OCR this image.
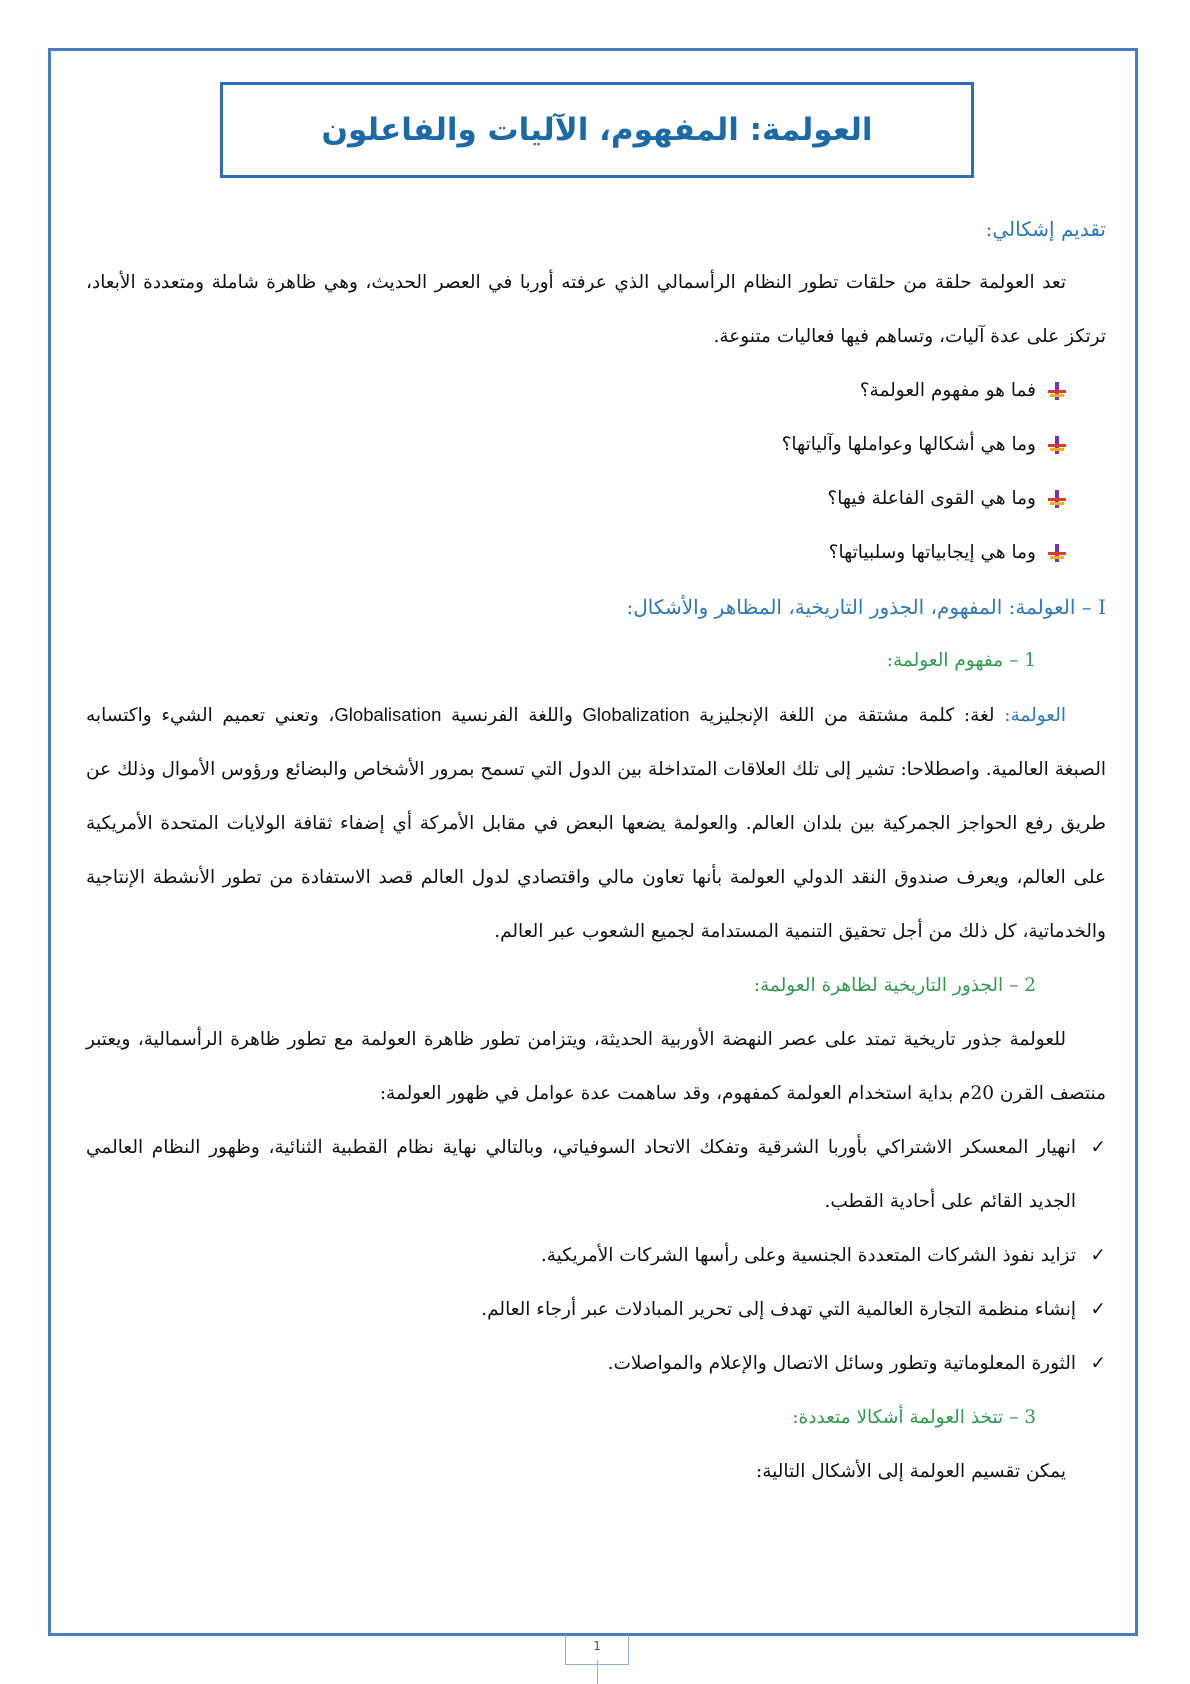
العولمة: المفهوم، الآليات والفاعلون

تقديم إشكالي:

تعد العولمة حلقة من حلقات تطور النظام الرأسمالي الذي عرفته أوربا في العصر الحديث، وهي ظاهرة شاملة ومتعددة الأبعاد، ترتكز على عدة آليات، وتساهم فيها فعاليات متنوعة.

فما هو مفهوم العولمة؟
وما هي أشكالها وعواملها وآلياتها؟
وما هي القوى الفاعلة فيها؟
وما هي إيجابياتها وسلبياتها؟

I – العولمة: المفهوم، الجذور التاريخية، المظاهر والأشكال:

1 – مفهوم العولمة:

العولمة: لغة: كلمة مشتقة من اللغة الإنجليزية Globalization واللغة الفرنسية Globalisation، وتعني تعميم الشيء واكتسابه الصبغة العالمية. واصطلاحا: تشير إلى تلك العلاقات المتداخلة بين الدول التي تسمح بمرور الأشخاص والبضائع ورؤوس الأموال وذلك عن طريق رفع الحواجز الجمركية بين بلدان العالم. والعولمة يضعها البعض في مقابل الأمركة أي إضفاء ثقافة الولايات المتحدة الأمريكية على العالم، ويعرف صندوق النقد الدولي العولمة بأنها تعاون مالي واقتصادي لدول العالم قصد الاستفادة من تطور الأنشطة الإنتاجية والخدماتية، كل ذلك من أجل تحقيق التنمية المستدامة لجميع الشعوب عبر العالم.

2 – الجذور التاريخية لظاهرة العولمة:

للعولمة جذور تاريخية تمتد على عصر النهضة الأوربية الحديثة، ويتزامن تطور ظاهرة العولمة مع تطور ظاهرة الرأسمالية، ويعتبر منتصف القرن 20م بداية استخدام العولمة كمفهوم، وقد ساهمت عدة عوامل في ظهور العولمة:

✓
انهيار المعسكر الاشتراكي بأوربا الشرقية وتفكك الاتحاد السوفياتي، وبالتالي نهاية نظام القطبية الثنائية، وظهور النظام العالمي الجديد القائم على أحادية القطب.
✓
تزايد نفوذ الشركات المتعددة الجنسية وعلى رأسها الشركات الأمريكية.
✓
إنشاء منظمة التجارة العالمية التي تهدف إلى تحرير المبادلات عبر أرجاء العالم.
✓
الثورة المعلوماتية وتطور وسائل الاتصال والإعلام والمواصلات.

3 – تتخذ العولمة أشكالا متعددة:

يمكن تقسيم العولمة إلى الأشكال التالية:

1
